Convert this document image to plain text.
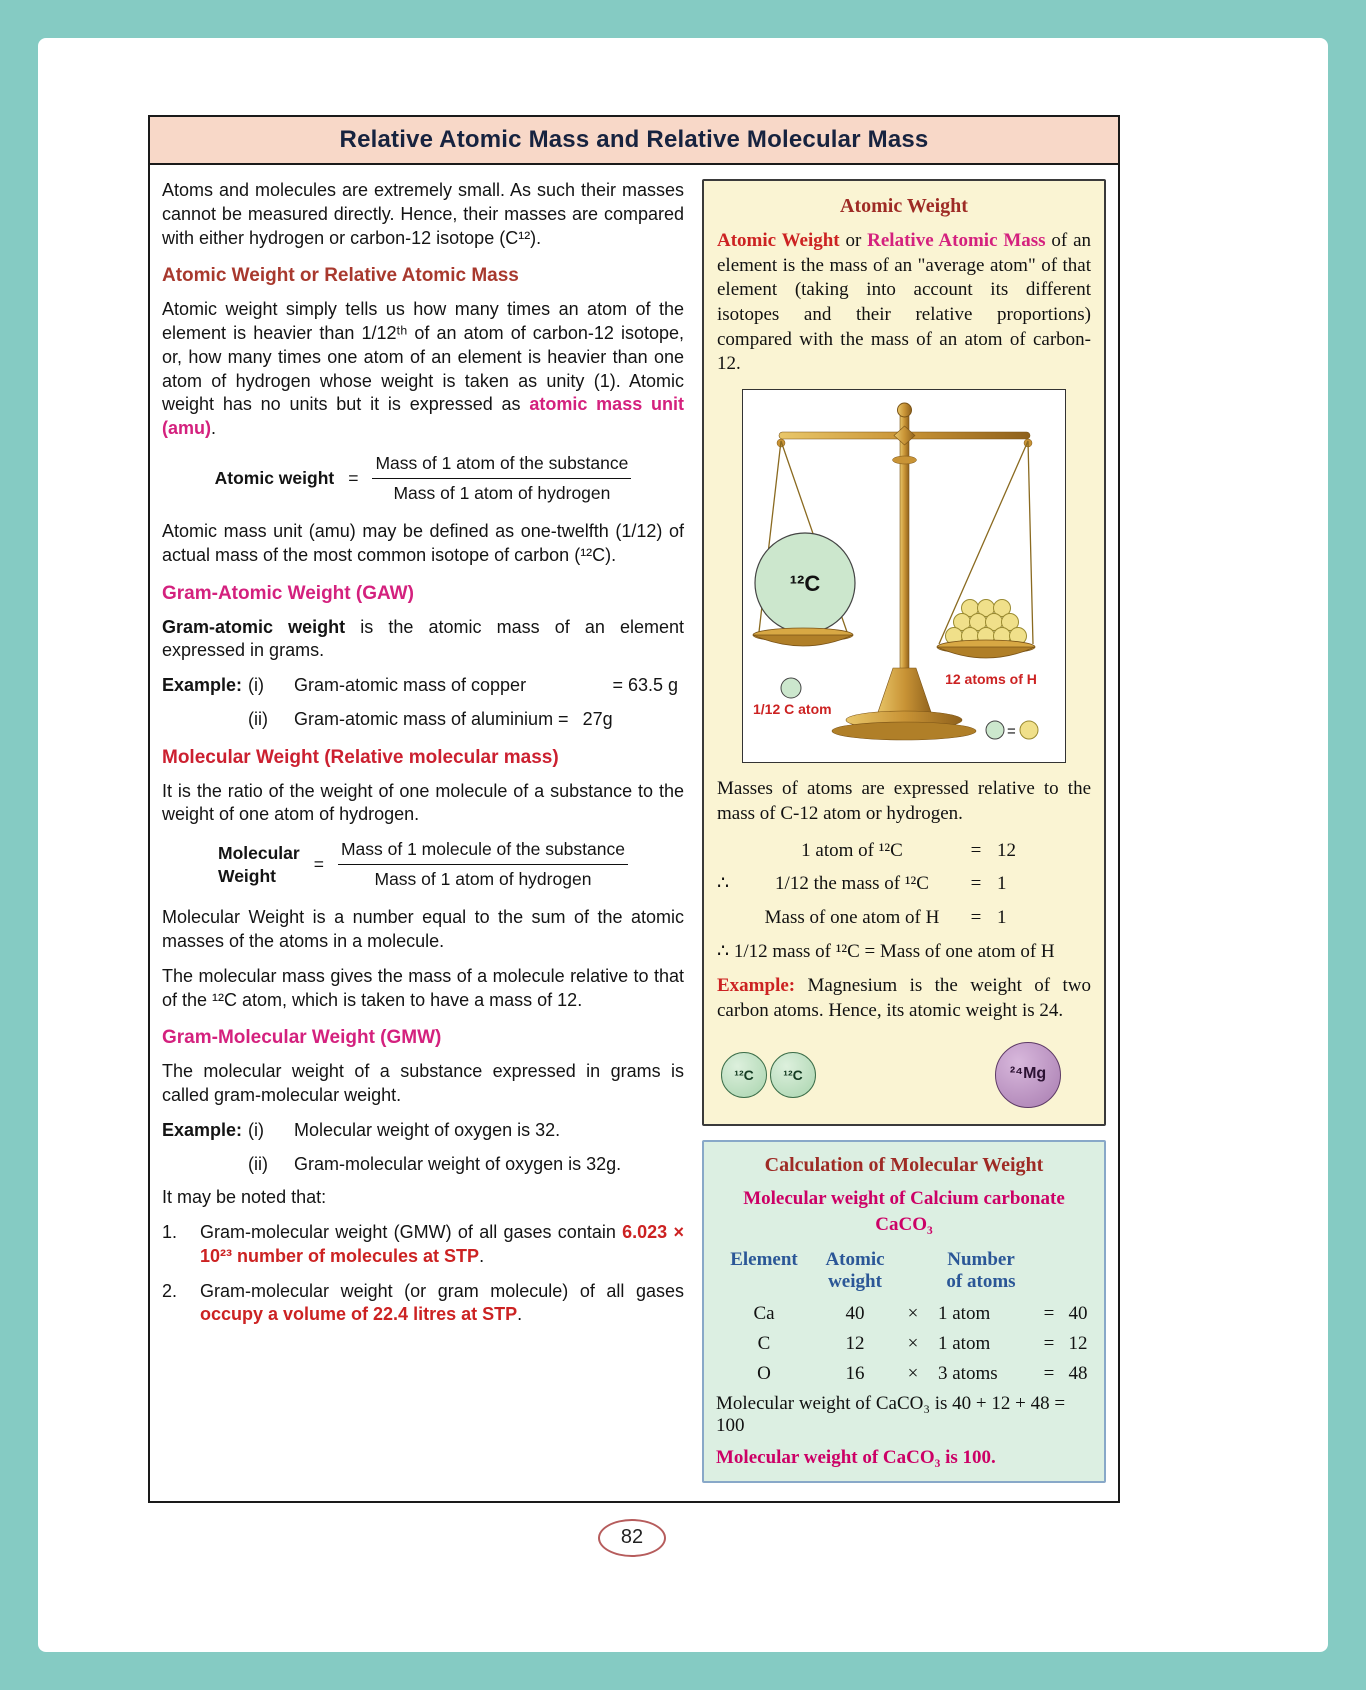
Relative Atomic Mass and Relative Molecular Mass

Atoms and molecules are extremely small. As such their masses cannot be measured directly. Hence, their masses are compared with either hydrogen or carbon-12 isotope (C¹²).

Atomic Weight or Relative Atomic Mass

Atomic weight simply tells us how many times an atom of the element is heavier than 1/12ᵗʰ of an atom of carbon-12 isotope, or, how many times one atom of an element is heavier than one atom of hydrogen whose weight is taken as unity (1). Atomic weight has no units but it is expressed as atomic mass unit (amu).

Atomic weight = $\frac{\text{Mass of 1 atom of the substance}}{\text{Mass of 1 atom of hydrogen}}$

Atomic mass unit (amu) may be defined as one-twelfth (1/12) of actual mass of the most common isotope of carbon (¹²C).

Gram-Atomic Weight (GAW)

Gram-atomic weight is the atomic mass of an element expressed in grams.

Example: (i)	Gram-atomic mass of copper	= 63.5 g
(ii)	Gram-atomic mass of aluminium = 27g
Molecular Weight (Relative molecular mass)

It is the ratio of the weight of one molecule of a substance to the weight of one atom of hydrogen.

Molecular
Weight
= $\frac{\text{Mass of 1 molecule of the substance}}{\text{Mass of 1 atom of hydrogen}}$

Molecular Weight is a number equal to the sum of the atomic masses of the atoms in a molecule.

The molecular mass gives the mass of a molecule relative to that of the ¹²C atom, which is taken to have a mass of 12.

Gram-Molecular Weight (GMW)

The molecular weight of a substance expressed in grams is called gram-molecular weight.

Example: (i)	Molecular weight of oxygen is 32.
(ii)	Gram-molecular weight of oxygen is 32g.

It may be noted that:

1.	Gram-molecular weight (GMW) of all gases contain 6.023 × 10²³ number of molecules at STP.

2.	Gram-molecular weight (or gram molecule) of all gases occupy a volume of 22.4 litres at STP.

Atomic Weight

Atomic Weight or Relative Atomic Mass of an element is the mass of an "average atom" of that element (taking into account its different isotopes and their relative proportions) compared with the mass of an atom of carbon-12.

¹²C
12 atoms of H
1/12 C atom
=

Masses of atoms are expressed relative to the mass of C-12 atom or hydrogen.

1 atom of ¹²C	= 12
∴	1/12 the mass of ¹²C	= 1
Mass of one atom of H	= 1

∴ 1/12 mass of ¹²C = Mass of one atom of H

Example: Magnesium is the weight of two carbon atoms. Hence, its atomic weight is 24.

¹²C ¹²C	²⁴Mg
Calculation of Molecular Weight
Molecular weight of Calcium carbonate
CaCO₃
Element	Atomic
weight
Number
of atoms
Ca	40	×	1 atom	= 40
C	12	×	1 atom	= 12
O	16	×	3 atoms	= 48

Molecular weight of CaCO₃ is 40 + 12 + 48 = 100

Molecular weight of CaCO₃ is 100.

82
